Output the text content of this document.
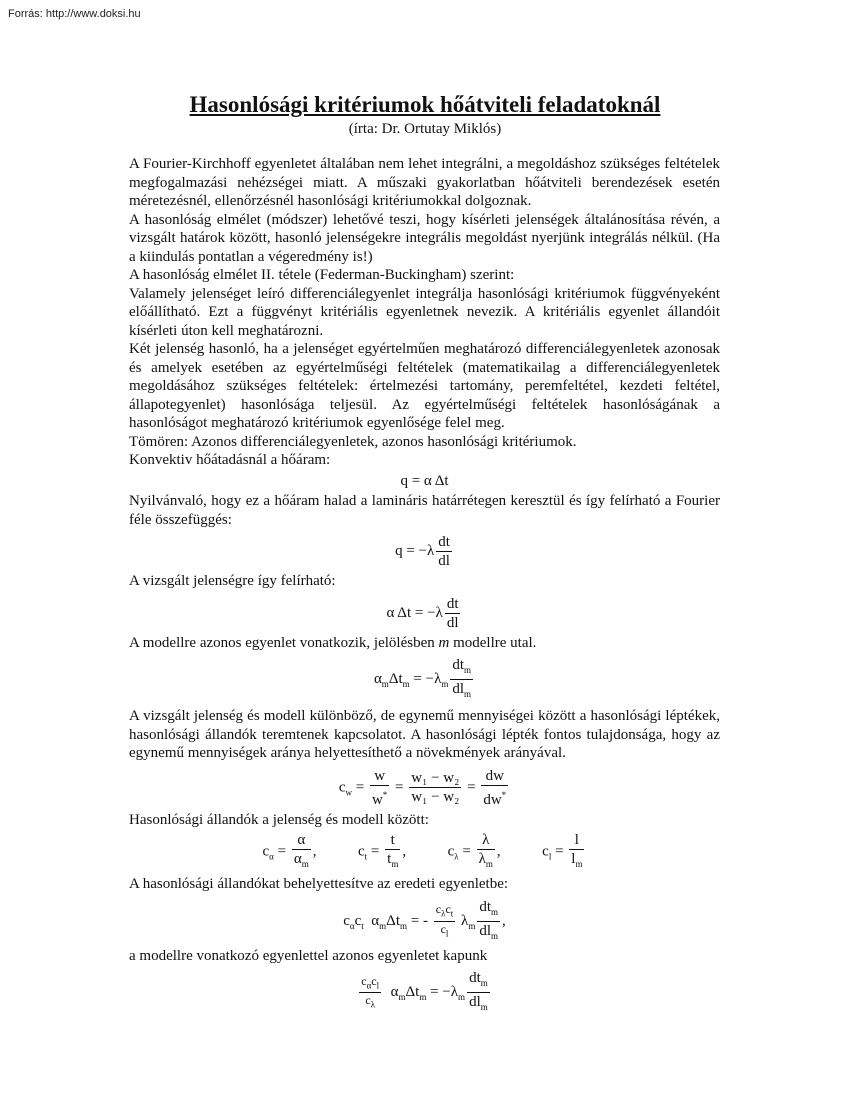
Forrás: http://www.doksi.hu
Hasonlósági kritériumok hőátviteli feladatoknál
(írta: Dr. Ortutay Miklós)

A Fourier-Kirchhoff egyenletet általában nem lehet integrálni, a megoldáshoz szükséges feltételek megfogalmazási nehézségei miatt. A műszaki gyakorlatban hőátviteli berendezések esetén méretezésnél, ellenőrzésnél hasonlósági kritériumokkal dolgoznak.

A hasonlóság elmélet (módszer) lehetővé teszi, hogy kísérleti jelenségek általánosítása révén, a vizsgált határok között, hasonló jelenségekre integrális megoldást nyerjünk integrálás nélkül. (Ha a kiindulás pontatlan a végeredmény is!)

A hasonlóság elmélet II. tétele (Federman-Buckingham) szerint:

Valamely jelenséget leíró differenciálegyenlet integrálja hasonlósági kritériumok függvényeként előállítható. Ezt a függvényt kritériális egyenletnek nevezik. A kritériális egyenlet állandóit kísérleti úton kell meghatározni.

Két jelenség hasonló, ha a jelenséget egyértelműen meghatározó differenciálegyenletek azonosak és amelyek esetében az egyértelműségi feltételek (matematikailag a differenciálegyenletek megoldásához szükséges feltételek: értelmezési tartomány, peremfeltétel, kezdeti feltétel, állapotegyenlet) hasonlósága teljesül. Az egyértelműségi feltételek hasonlóságának a hasonlóságot meghatározó kritériumok egyenlősége felel meg.

Tömören: Azonos differenciálegyenletek, azonos hasonlósági kritériumok.

Konvektiv hőátadásnál a hőáram:

q = α Δt

Nyilvánvaló, hogy ez a hőáram halad a lamináris határrétegen keresztül és így felírható a Fourier féle összefüggés:

$q = -\lambda \frac{dt}{dl}$

A vizsgált jelenségre így felírható:

α $\Delta t = -\lambda \frac{dt}{dl}$

A modellre azonos egyenlet vonatkozik, jelölésben m modellre utal.

$\alpha_m\Delta t_m = -\lambda_m \frac{dt_m}{dl_m}$

A vizsgált jelenség és modell különböző, de egynemű mennyiségei között a hasonlósági léptékek, hasonlósági állandók teremtenek kapcsolatot. A hasonlósági lépték fontos tulajdonsága, hogy az egynemű mennyiségek aránya helyettesíthető a növekmények arányával.

$c_w = \frac{w}{w^*} = \frac{\text{w₁ − w₂}}{\text{w₁ − w₂}} = \frac{dw}{dw^*}$

Hasonlósági állandók a jelenség és modell között:

$c_\alpha = \frac{\alpha}{\alpha_m}$ ,	$c_t = \frac{t}{t_m}$ ,	$c_\lambda = \frac{\lambda}{\lambda_m}$ ,	$c_l = \frac{l}{l_m}$

A hasonlósági állandókat behelyettesítve az eredeti egyenletbe:

$c_\alpha c_t$ $\alpha_m\Delta t_m$ = - $\frac{c_\lambda c_t}{c_l} \lambda_m \frac{dt_m}{dl_m}$ ,

a modellre vonatkozó egyenlettel azonos egyenletet kapunk

$\frac{c_\alpha c_l}{c_\lambda} \alpha_m\Delta t_m = -\lambda_m \frac{dt_m}{dl_m}$
